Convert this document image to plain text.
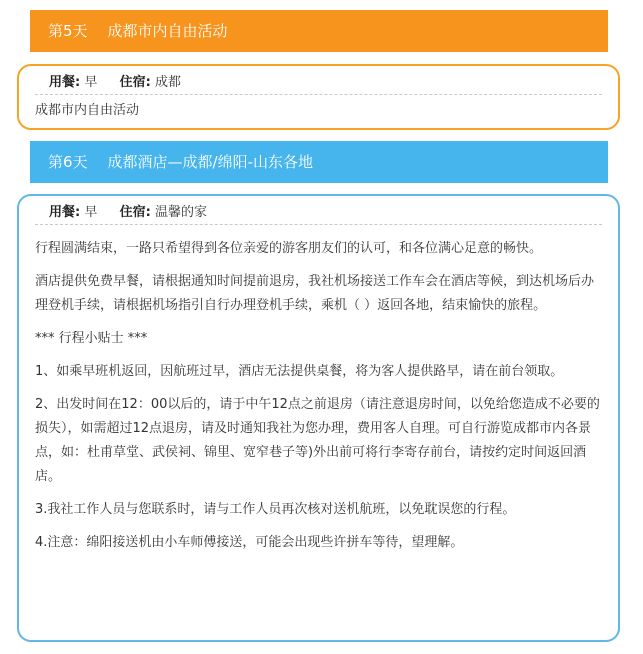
第5天 成都市内自由活动
用餐: 早 住宿: 成都
成都市内自由活动
第6天 成都酒店—成都/绵阳-山东各地
用餐: 早 住宿: 温馨的家

行程圆满结束，一路只希望得到各位亲爱的游客朋友们的认可，和各位满心足意的畅快。

酒店提供免费早餐，请根据通知时间提前退房，我社机场接送工作车会在酒店等候，到达机场后办理登机手续，请根据机场指引自行办理登机手续，乘机（ ）返回各地，结束愉快的旅程。

*** 行程小贴士 ***

1、如乘早班机返回，因航班过早，酒店无法提供桌餐，将为客人提供路早，请在前台领取。

2、出发时间在12：00以后的，请于中午12点之前退房（请注意退房时间，以免给您造成不必要的损失），如需超过12点退房，请及时通知我社为您办理，费用客人自理。可自行游览成都市内各景点，如：杜甫草堂、武侯祠、锦里、宽窄巷子等)外出前可将行李寄存前台，请按约定时间返回酒店。

3.我社工作人员与您联系时，请与工作人员再次核对送机航班，以免耽误您的行程。

4.注意：绵阳接送机由小车师傅接送，可能会出现些许拼车等待，望理解。
